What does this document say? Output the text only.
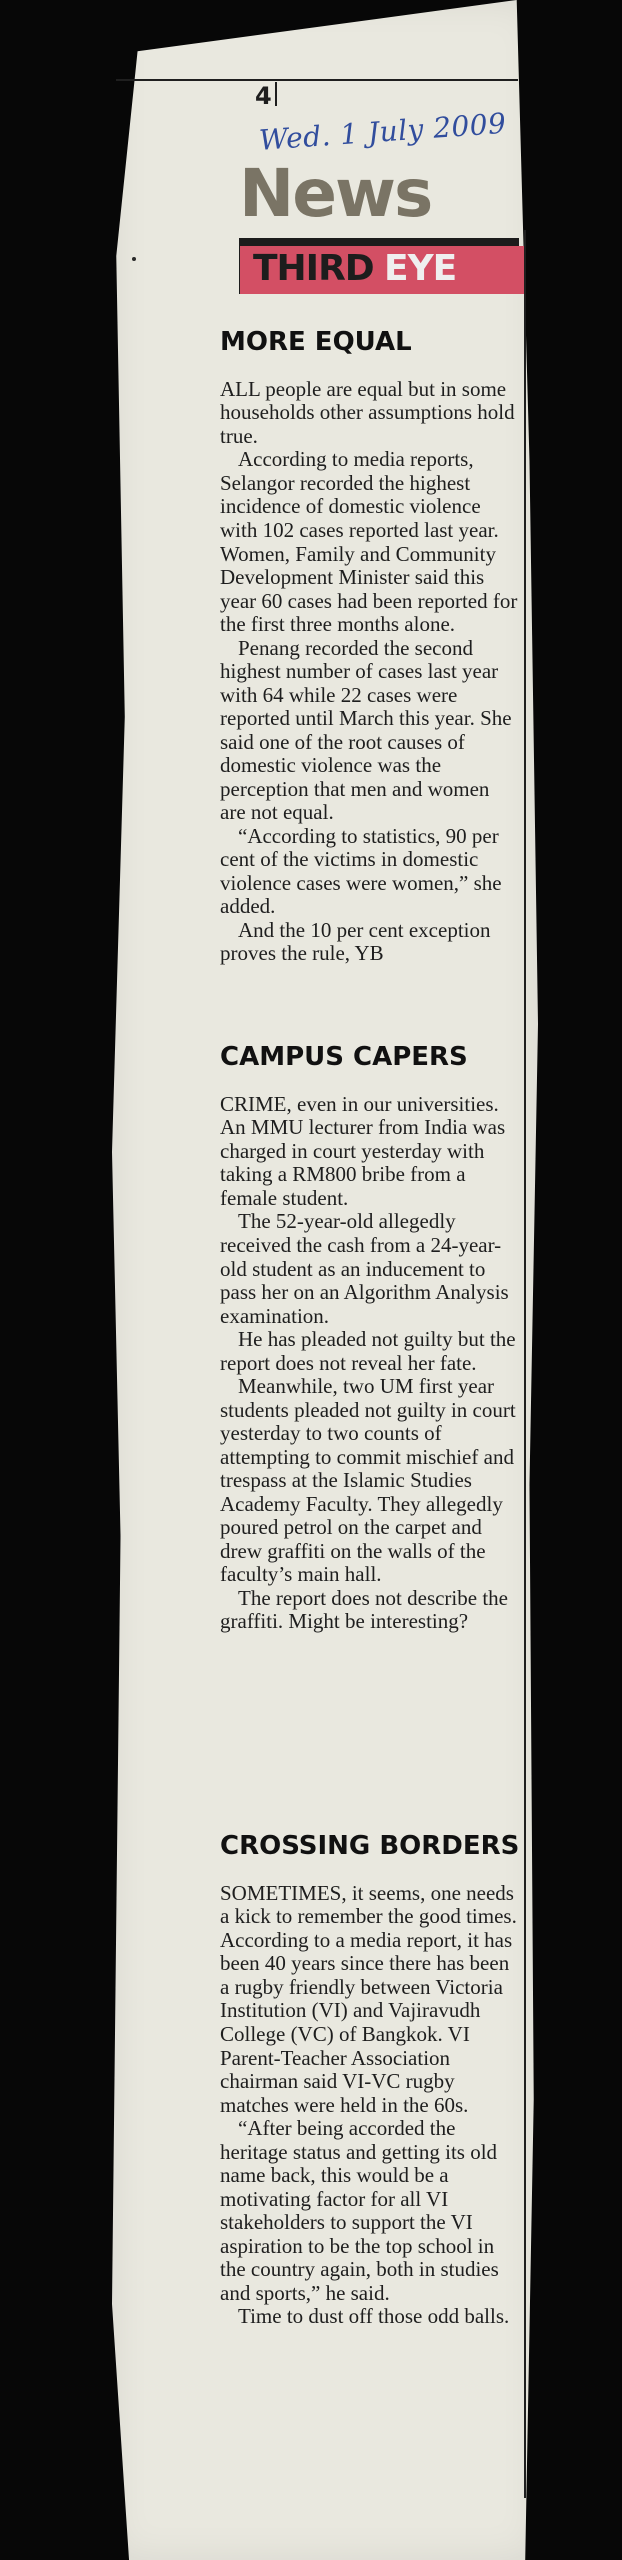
4
Wed. 1 July 2009
News
THIRD EYE
MORE EQUAL

ALL people are equal but in some households other assumptions hold true.

According to media reports, Selangor recorded the highest incidence of domestic violence with 102 cases reported last year. Women, Family and Community Development Minister said this year 60 cases had been reported for the first three months alone.

Penang recorded the second highest number of cases last year with 64 while 22 cases were reported until March this year. She said one of the root causes of domestic violence was the perception that men and women are not equal.

“According to statistics, 90 per cent of the victims in domestic violence cases were women,” she added.

And the 10 per cent exception proves the rule, YB

CAMPUS CAPERS

CRIME, even in our universities. An MMU lecturer from India was charged in court yesterday with taking a RM800 bribe from a female student.

The 52-year-old allegedly received the cash from a 24-year-old student as an inducement to pass her on an Algorithm Analysis examination.

He has pleaded not guilty but the report does not reveal her fate.

Meanwhile, two UM first year students pleaded not guilty in court yesterday to two counts of attempting to commit mischief and trespass at the Islamic Studies Academy Faculty. They allegedly poured petrol on the carpet and drew graffiti on the walls of the faculty’s main hall.

The report does not describe the graffiti. Might be interesting?

CROSSING BORDERS

SOMETIMES, it seems, one needs a kick to remember the good times. According to a media report, it has been 40 years since there has been a rugby friendly between Victoria Institution (VI) and Vajiravudh College (VC) of Bangkok. VI Parent-Teacher Association chairman said VI-VC rugby matches were held in the 60s.

“After being accorded the heritage status and getting its old name back, this would be a motivating factor for all VI stakeholders to support the VI aspiration to be the top school in the country again, both in studies and sports,” he said.

Time to dust off those odd balls.
